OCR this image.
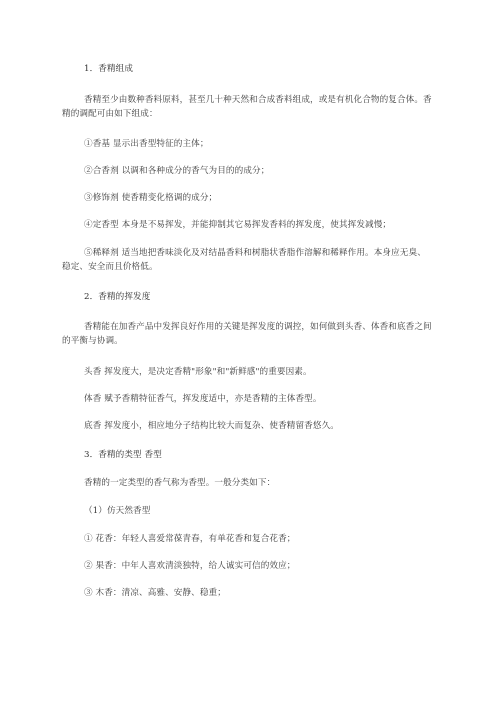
1．香精组成
香精至少由数种香料原料，甚至几十种天然和合成香料组成，或是有机化合物的复合体。香精的调配可由如下组成：
①香基 显示出香型特征的主体；
②合香剂 以调和各种成分的香气为目的的成分；
③修饰剂 使香精变化格调的成分；
④定香型 本身是不易挥发，并能抑制其它易挥发香料的挥发度，使其挥发减慢；
⑤稀释剂 适当地把香味淡化及对结晶香料和树脂状香脂作溶解和稀释作用。本身应无臭、稳定、安全而且价格低。
2．香精的挥发度
香精能在加香产品中发挥良好作用的关键是挥发度的调控，如何做到头香、体香和底香之间的平衡与协调。
头香 挥发度大，是决定香精"形象"和"新鲜感"的重要因素。
体香 赋予香精特征香气，挥发度适中，亦是香精的主体香型。
底香 挥发度小，相应地分子结构比较大而复杂、使香精留香悠久。
3．香精的类型 香型
香精的一定类型的香气称为香型。一般分类如下：
（1）仿天然香型
① 花香：年轻人喜爱常葆青春，有单花香和复合花香；
② 果香：中年人喜欢清淡独特，给人诚实可信的效应；
③ 木香：清凉、高雅、安静、稳重；
